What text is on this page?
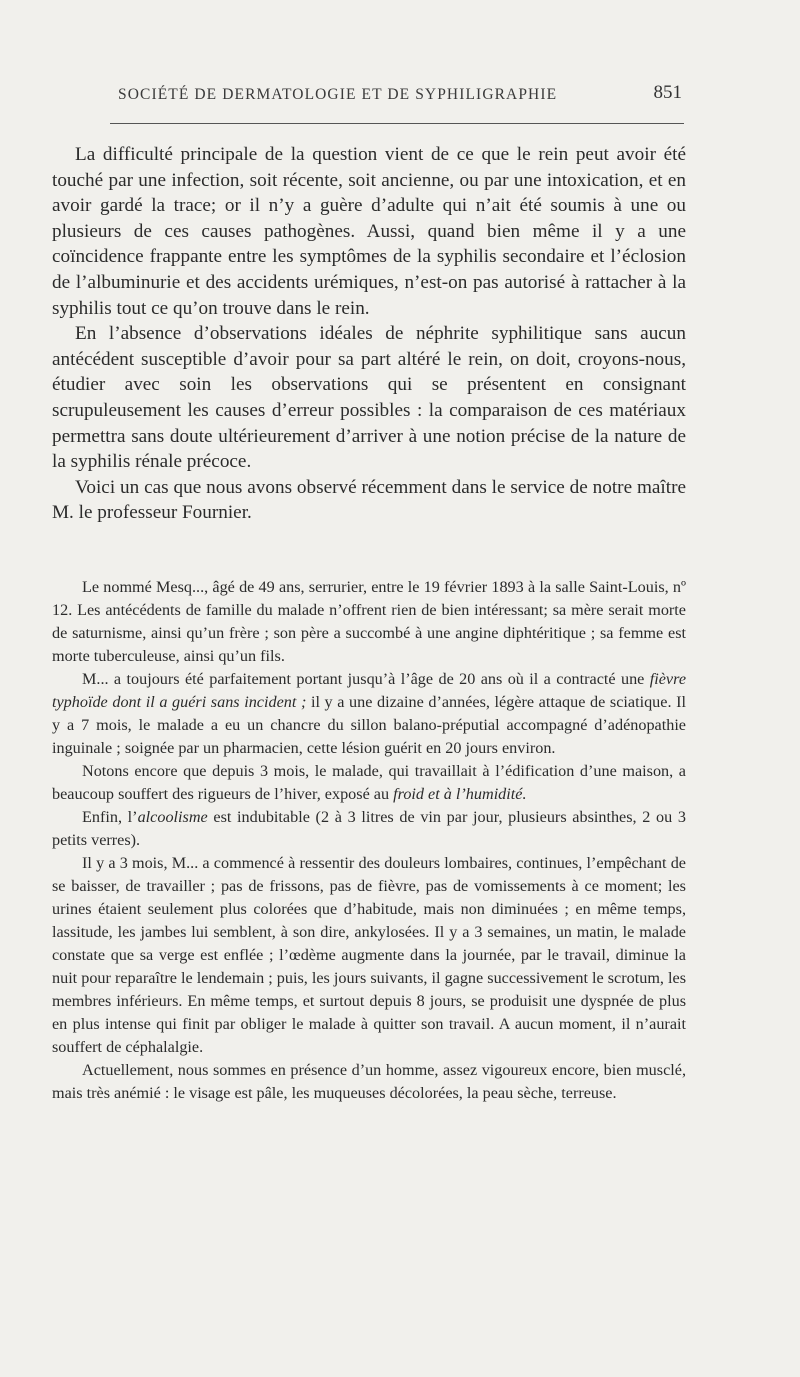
SOCIÉTÉ DE DERMATOLOGIE ET DE SYPHILIGRAPHIE	851

La difficulté principale de la question vient de ce que le rein peut avoir été touché par une infection, soit récente, soit ancienne, ou par une intoxication, et en avoir gardé la trace; or il n’y a guère d’adulte qui n’ait été soumis à une ou plusieurs de ces causes pathogènes. Aussi, quand bien même il y a une coïncidence frappante entre les symptômes de la syphilis secondaire et l’éclosion de l’albuminurie et des accidents urémiques, n’est-on pas autorisé à rattacher à la syphilis tout ce qu’on trouve dans le rein.

En l’absence d’observations idéales de néphrite syphilitique sans aucun antécédent susceptible d’avoir pour sa part altéré le rein, on doit, croyons-nous, étudier avec soin les observations qui se présentent en consignant scrupuleusement les causes d’erreur possibles : la comparaison de ces matériaux permettra sans doute ultérieurement d’arriver à une notion précise de la nature de la syphilis rénale précoce.

Voici un cas que nous avons observé récemment dans le service de notre maître M. le professeur Fournier.

Le nommé Mesq..., âgé de 49 ans, serrurier, entre le 19 février 1893 à la salle Saint-Louis, nº 12. Les antécédents de famille du malade n’offrent rien de bien intéressant; sa mère serait morte de saturnisme, ainsi qu’un frère ; son père a succombé à une angine diphtéritique ; sa femme est morte tuberculeuse, ainsi qu’un fils.

M... a toujours été parfaitement portant jusqu’à l’âge de 20 ans où il a contracté une fièvre typhoïde dont il a guéri sans incident ; il y a une dizaine d’années, légère attaque de sciatique. Il y a 7 mois, le malade a eu un chancre du sillon balano-préputial accompagné d’adénopathie inguinale ; soignée par un pharmacien, cette lésion guérit en 20 jours environ.

Notons encore que depuis 3 mois, le malade, qui travaillait à l’édification d’une maison, a beaucoup souffert des rigueurs de l’hiver, exposé au froid et à l’humidité.

Enfin, l’alcoolisme est indubitable (2 à 3 litres de vin par jour, plusieurs absinthes, 2 ou 3 petits verres).

Il y a 3 mois, M... a commencé à ressentir des douleurs lombaires, continues, l’empêchant de se baisser, de travailler ; pas de frissons, pas de fièvre, pas de vomissements à ce moment; les urines étaient seulement plus colorées que d’habitude, mais non diminuées ; en même temps, lassitude, les jambes lui semblent, à son dire, ankylosées. Il y a 3 semaines, un matin, le malade constate que sa verge est enflée ; l’œdème augmente dans la journée, par le travail, diminue la nuit pour reparaître le lendemain ; puis, les jours suivants, il gagne successivement le scrotum, les membres inférieurs. En même temps, et surtout depuis 8 jours, se produisit une dyspnée de plus en plus intense qui finit par obliger le malade à quitter son travail. A aucun moment, il n’aurait souffert de céphalalgie.

Actuellement, nous sommes en présence d’un homme, assez vigoureux encore, bien musclé, mais très anémié : le visage est pâle, les muqueuses décolorées, la peau sèche, terreuse.
